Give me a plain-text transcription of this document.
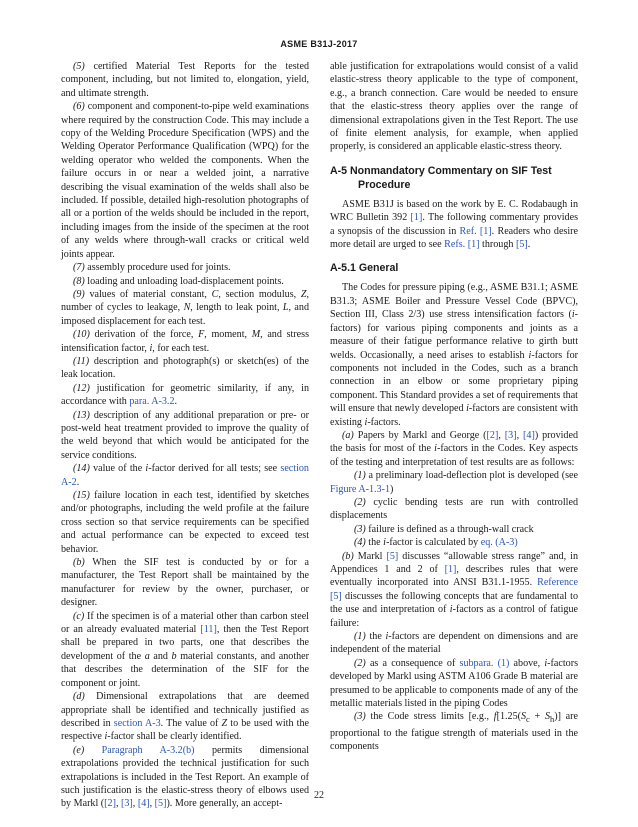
ASME B31J-2017

(5) certified Material Test Reports for the tested component, including, but not limited to, elongation, yield, and ultimate strength.

(6) component and component-to-pipe weld examinations where required by the construction Code. This may include a copy of the Welding Procedure Specification (WPS) and the Welding Operator Performance Qualification (WPQ) for the welding operator who welded the components. When the failure occurs in or near a welded joint, a narrative describing the visual examination of the welds shall also be included. If possible, detailed high-resolution photographs of all or a portion of the welds should be included in the report, including images from the inside of the specimen at the root of any welds where through-wall cracks or critical weld joints appear.

(7) assembly procedure used for joints.

(8) loading and unloading load-displacement points.

(9) values of material constant, C, section modulus, Z, number of cycles to leakage, N, length to leak point, L, and imposed displacement for each test.

(10) derivation of the force, F, moment, M, and stress intensification factor, i, for each test.

(11) description and photograph(s) or sketch(es) of the leak location.

(12) justification for geometric similarity, if any, in accordance with para. A-3.2.

(13) description of any additional preparation or pre- or post-weld heat treatment provided to improve the quality of the weld beyond that which would be anticipated for the service conditions.

(14) value of the i-factor derived for all tests; see section A-2.

(15) failure location in each test, identified by sketches and/or photographs, including the weld profile at the failure cross section so that service requirements can be specified and actual performance can be expected to exceed test behavior.

(b) When the SIF test is conducted by or for a manufacturer, the Test Report shall be maintained by the manufacturer for review by the owner, purchaser, or designer.

(c) If the specimen is of a material other than carbon steel or an already evaluated material [11], then the Test Report shall be prepared in two parts, one that describes the development of the a and b material constants, and another that describes the determination of the SIF for the component or joint.

(d) Dimensional extrapolations that are deemed appropriate shall be identified and technically justified as described in section A-3. The value of Z to be used with the respective i-factor shall be clearly identified.

(e) Paragraph A-3.2(b) permits dimensional extrapolations provided the technical justification for such extrapolations is included in the Test Report. An example of such justification is the elastic-stress theory of elbows used by Markl ([2], [3], [4], [5]). More generally, an accept-

able justification for extrapolations would consist of a valid elastic-stress theory applicable to the type of component, e.g., a branch connection. Care would be needed to ensure that the elastic-stress theory applies over the range of dimensional extrapolations given in the Test Report. The use of finite element analysis, for example, when applied properly, is considered an applicable elastic-stress theory.

A-5 Nonmandatory Commentary on SIF Test Procedure

ASME B31J is based on the work by E. C. Rodabaugh in WRC Bulletin 392 [1]. The following commentary provides a synopsis of the discussion in Ref. [1]. Readers who desire more detail are urged to see Refs. [1] through [5].

A-5.1 General

The Codes for pressure piping (e.g., ASME B31.1; ASME B31.3; ASME Boiler and Pressure Vessel Code (BPVC), Section III, Class 2/3) use stress intensification factors (i-factors) for various piping components and joints as a measure of their fatigue performance relative to girth butt welds. Occasionally, a need arises to establish i-factors for components not included in the Codes, such as a branch connection in an elbow or some proprietary piping component. This Standard provides a set of requirements that will ensure that newly developed i-factors are consistent with existing i-factors.

(a) Papers by Markl and George ([2], [3], [4]) provided the basis for most of the i-factors in the Codes. Key aspects of the testing and interpretation of test results are as follows:

(1) a preliminary load-deflection plot is developed (see Figure A-1.3-1)

(2) cyclic bending tests are run with controlled displacements

(3) failure is defined as a through-wall crack

(4) the i-factor is calculated by eq. (A-3)

(b) Markl [5] discusses “allowable stress range” and, in Appendices 1 and 2 of [1], describes rules that were eventually incorporated into ANSI B31.1-1955. Reference [5] discusses the following concepts that are fundamental to the use and interpretation of i-factors as a control of fatigue failure:

(1) the i-factors are dependent on dimensions and are independent of the material

(2) as a consequence of subpara. (1) above, i-factors developed by Markl using ASTM A106 Grade B material are presumed to be applicable to components made of any of the metallic materials listed in the piping Codes

(3) the Code stress limits [e.g., $f[1.25(S_c + S_h)]$ are proportional to the fatigue strength of materials used in the components

22
